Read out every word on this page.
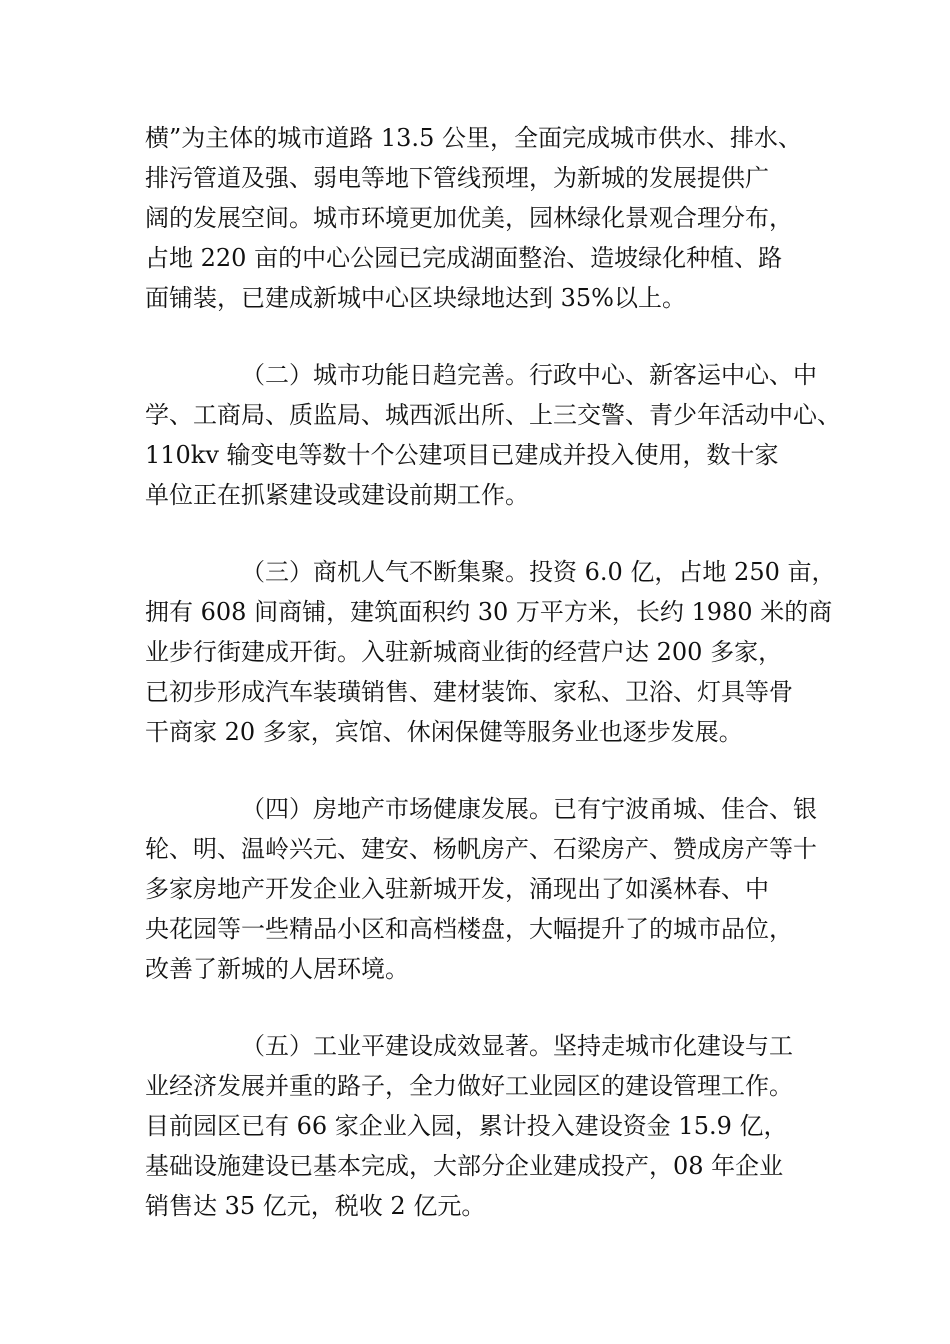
横”为主体的城市道路 13.5 公里，全面完成城市供水、排水、
排污管道及强、弱电等地下管线预埋，为新城的发展提供广
阔的发展空间。城市环境更加优美，园林绿化景观合理分布，
占地 220 亩的中心公园已完成湖面整治、造坡绿化种植、路
面铺装，已建成新城中心区块绿地达到 35%以上。

（二）城市功能日趋完善。行政中心、新客运中心、中
学、工商局、质监局、城西派出所、上三交警、青少年活动中心、
110kv 输变电等数十个公建项目已建成并投入使用，数十家
单位正在抓紧建设或建设前期工作。

（三）商机人气不断集聚。投资 6.0 亿，占地 250 亩，
拥有 608 间商铺，建筑面积约 30 万平方米，长约 1980 米的商
业步行街建成开街。入驻新城商业街的经营户达 200 多家，
已初步形成汽车装璜销售、建材装饰、家私、卫浴、灯具等骨
干商家 20 多家，宾馆、休闲保健等服务业也逐步发展。

（四）房地产市场健康发展。已有宁波甬城、佳合、银
轮、明、温岭兴元、建安、杨帆房产、石梁房产、赞成房产等十
多家房地产开发企业入驻新城开发，涌现出了如溪林春、中
央花园等一些精品小区和高档楼盘，大幅提升了的城市品位，
改善了新城的人居环境。

（五）工业平建设成效显著。坚持走城市化建设与工
业经济发展并重的路子，全力做好工业园区的建设管理工作。
目前园区已有 66 家企业入园，累计投入建设资金 15.9 亿，
基础设施建设已基本完成，大部分企业建成投产，08 年企业
销售达 35 亿元，税收 2 亿元。
